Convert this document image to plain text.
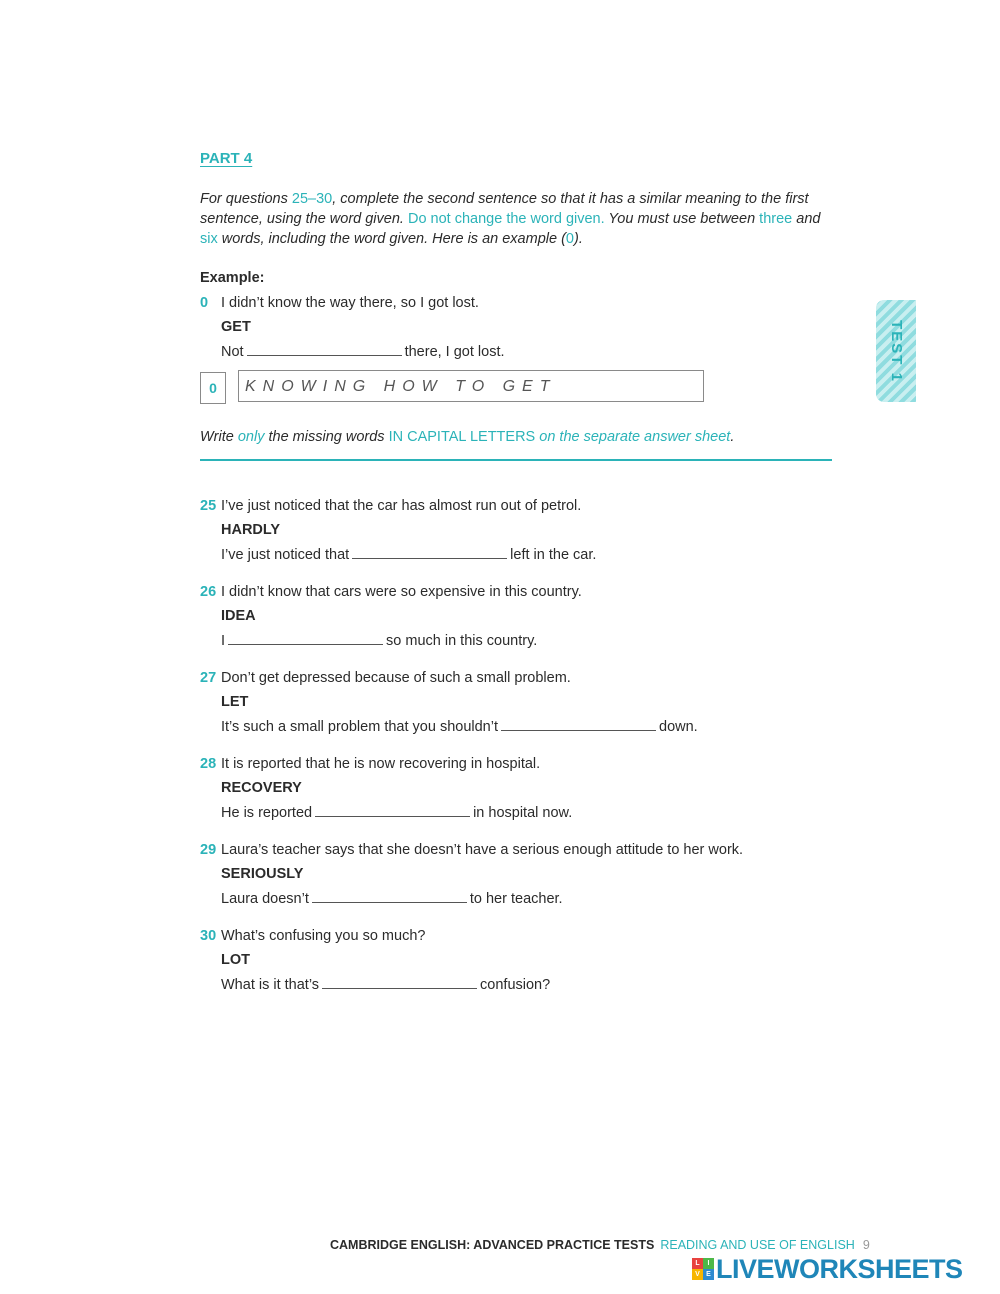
PART 4
For questions 25–30, complete the second sentence so that it has a similar meaning to the first sentence, using the word given. Do not change the word given. You must use between three and six words, including the word given. Here is an example (0).
Example:
0 I didn’t know the way there, so I got lost.
GET
Not	there, I got lost.
0	KNOWING HOW TO GET
Write only the missing words IN CAPITAL LETTERS on the separate answer sheet.
25 I’ve just noticed that the car has almost run out of petrol.
HARDLY
I’ve just noticed that	left in the car.
26 I didn’t know that cars were so expensive in this country.
IDEA
I	so much in this country.
27 Don’t get depressed because of such a small problem.
LET
It’s such a small problem that you shouldn’t	down.
28 It is reported that he is now recovering in hospital.
RECOVERY
He is reported	in hospital now.
29 Laura’s teacher says that she doesn’t have a serious enough attitude to her work.
SERIOUSLY
Laura doesn’t	to her teacher.
30 What’s confusing you so much?
LOT
What is it that’s	confusion?
TEST 1
CAMBRIDGE ENGLISH: ADVANCED PRACTICE TESTS READING AND USE OF ENGLISH 9
L	I
V E LIVEWORKSHEETS
